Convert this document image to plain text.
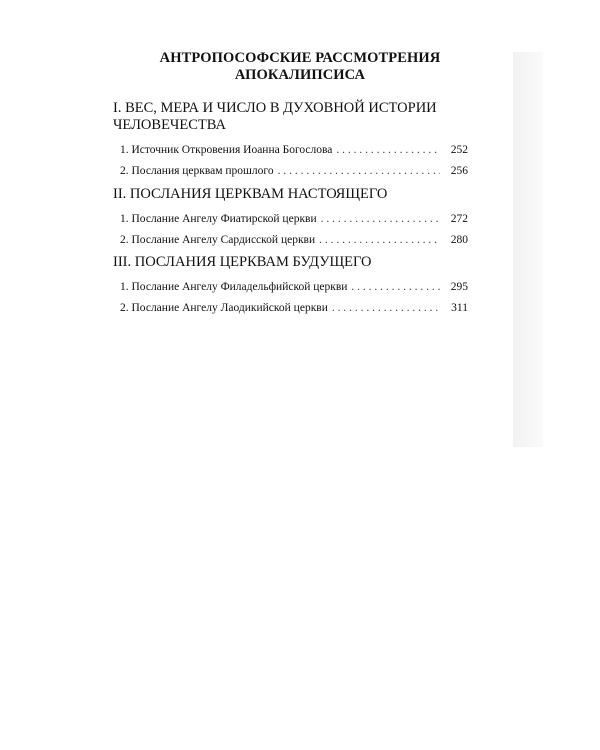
АНТРОПОСОФСКИЕ РАССМОТРЕНИЯ
АПОКАЛИПСИСА
I. ВЕС, МЕРА И ЧИСЛО В ДУХОВНОЙ ИСТОРИИ ЧЕЛОВЕЧЕСТВА
1. Источник Откровения Иоанна Богослова . . .	252
2. Послания церквам прошлого . . .	256
II. ПОСЛАНИЯ ЦЕРКВАМ НАСТОЯЩЕГО
1. Послание Ангелу Фиатирской церкви . . .	272
2. Послание Ангелу Сардисской церкви . . .	280
III. ПОСЛАНИЯ ЦЕРКВАМ БУДУЩЕГО
1. Послание Ангелу Филадельфийской церкви . . .	295
2. Послание Ангелу Лаодикийской церкви . . .	311
